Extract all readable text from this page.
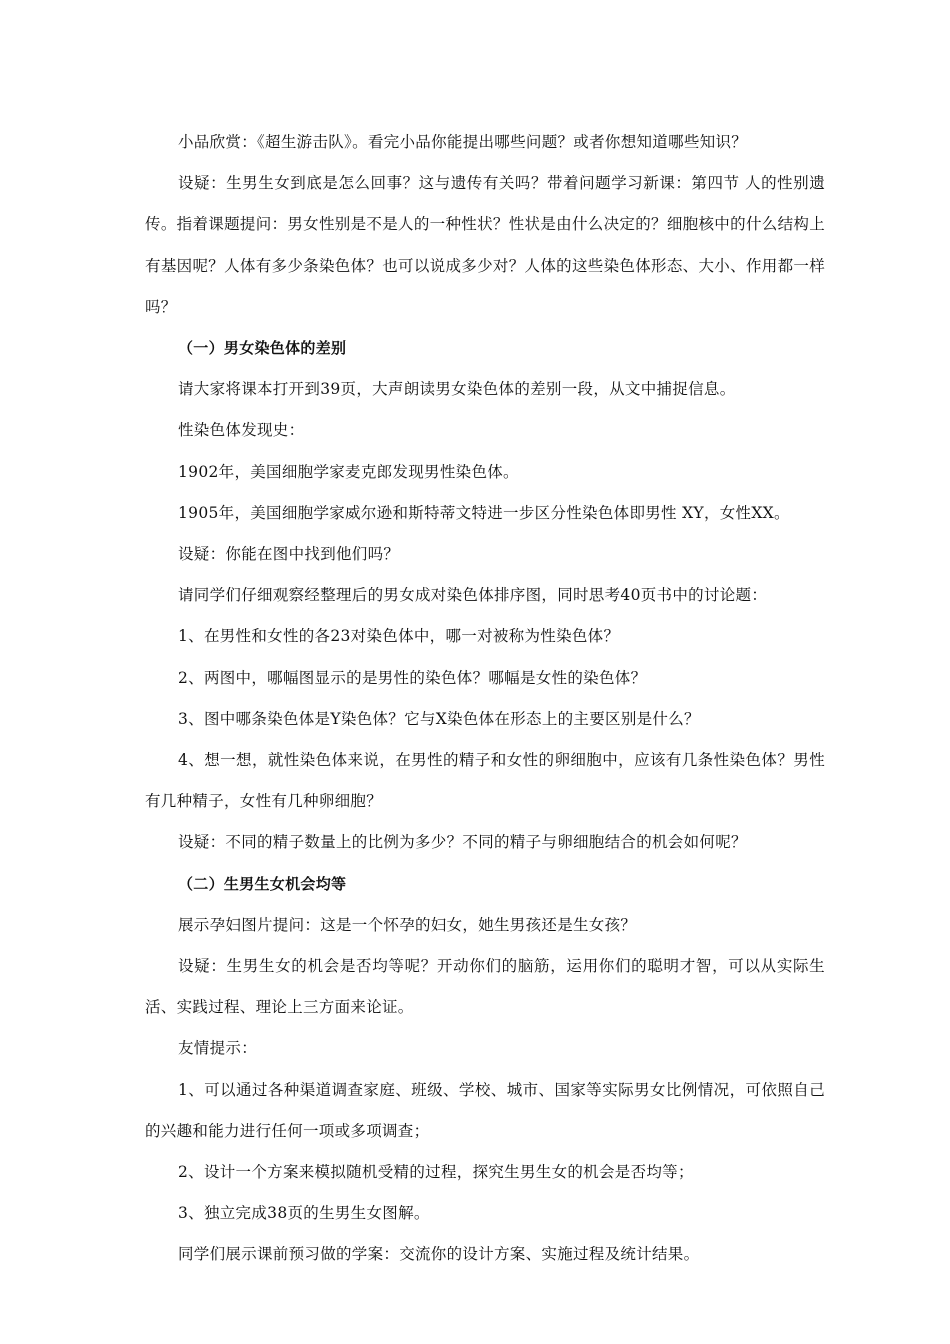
小品欣赏：《超生游击队》。看完小品你能提出哪些问题？或者你想知道哪些知识？

设疑：生男生女到底是怎么回事？这与遗传有关吗？带着问题学习新课：第四节 人的性别遗传。指着课题提问：男女性别是不是人的一种性状？性状是由什么决定的？细胞核中的什么结构上有基因呢？人体有多少条染色体？也可以说成多少对？人体的这些染色体形态、大小、作用都一样吗？

（一）男女染色体的差别

请大家将课本打开到39页，大声朗读男女染色体的差别一段，从文中捕捉信息。

性染色体发现史：

1902年，美国细胞学家麦克郎发现男性染色体。

1905年，美国细胞学家威尔逊和斯特蒂文特进一步区分性染色体即男性 XY，女性XX。

设疑：你能在图中找到他们吗？

请同学们仔细观察经整理后的男女成对染色体排序图，同时思考40页书中的讨论题：

1、在男性和女性的各23对染色体中，哪一对被称为性染色体？

2、两图中，哪幅图显示的是男性的染色体？哪幅是女性的染色体？

3、图中哪条染色体是Y染色体？它与X染色体在形态上的主要区别是什么？

4、想一想，就性染色体来说，在男性的精子和女性的卵细胞中，应该有几条性染色体？男性有几种精子，女性有几种卵细胞？

设疑：不同的精子数量上的比例为多少？不同的精子与卵细胞结合的机会如何呢？

（二）生男生女机会均等

展示孕妇图片提问：这是一个怀孕的妇女，她生男孩还是生女孩？

设疑：生男生女的机会是否均等呢？开动你们的脑筋，运用你们的聪明才智，可以从实际生活、实践过程、理论上三方面来论证。

友情提示：

1、可以通过各种渠道调查家庭、班级、学校、城市、国家等实际男女比例情况，可依照自己的兴趣和能力进行任何一项或多项调查；

2、设计一个方案来模拟随机受精的过程，探究生男生女的机会是否均等；

3、独立完成38页的生男生女图解。

同学们展示课前预习做的学案：交流你的设计方案、实施过程及统计结果。
